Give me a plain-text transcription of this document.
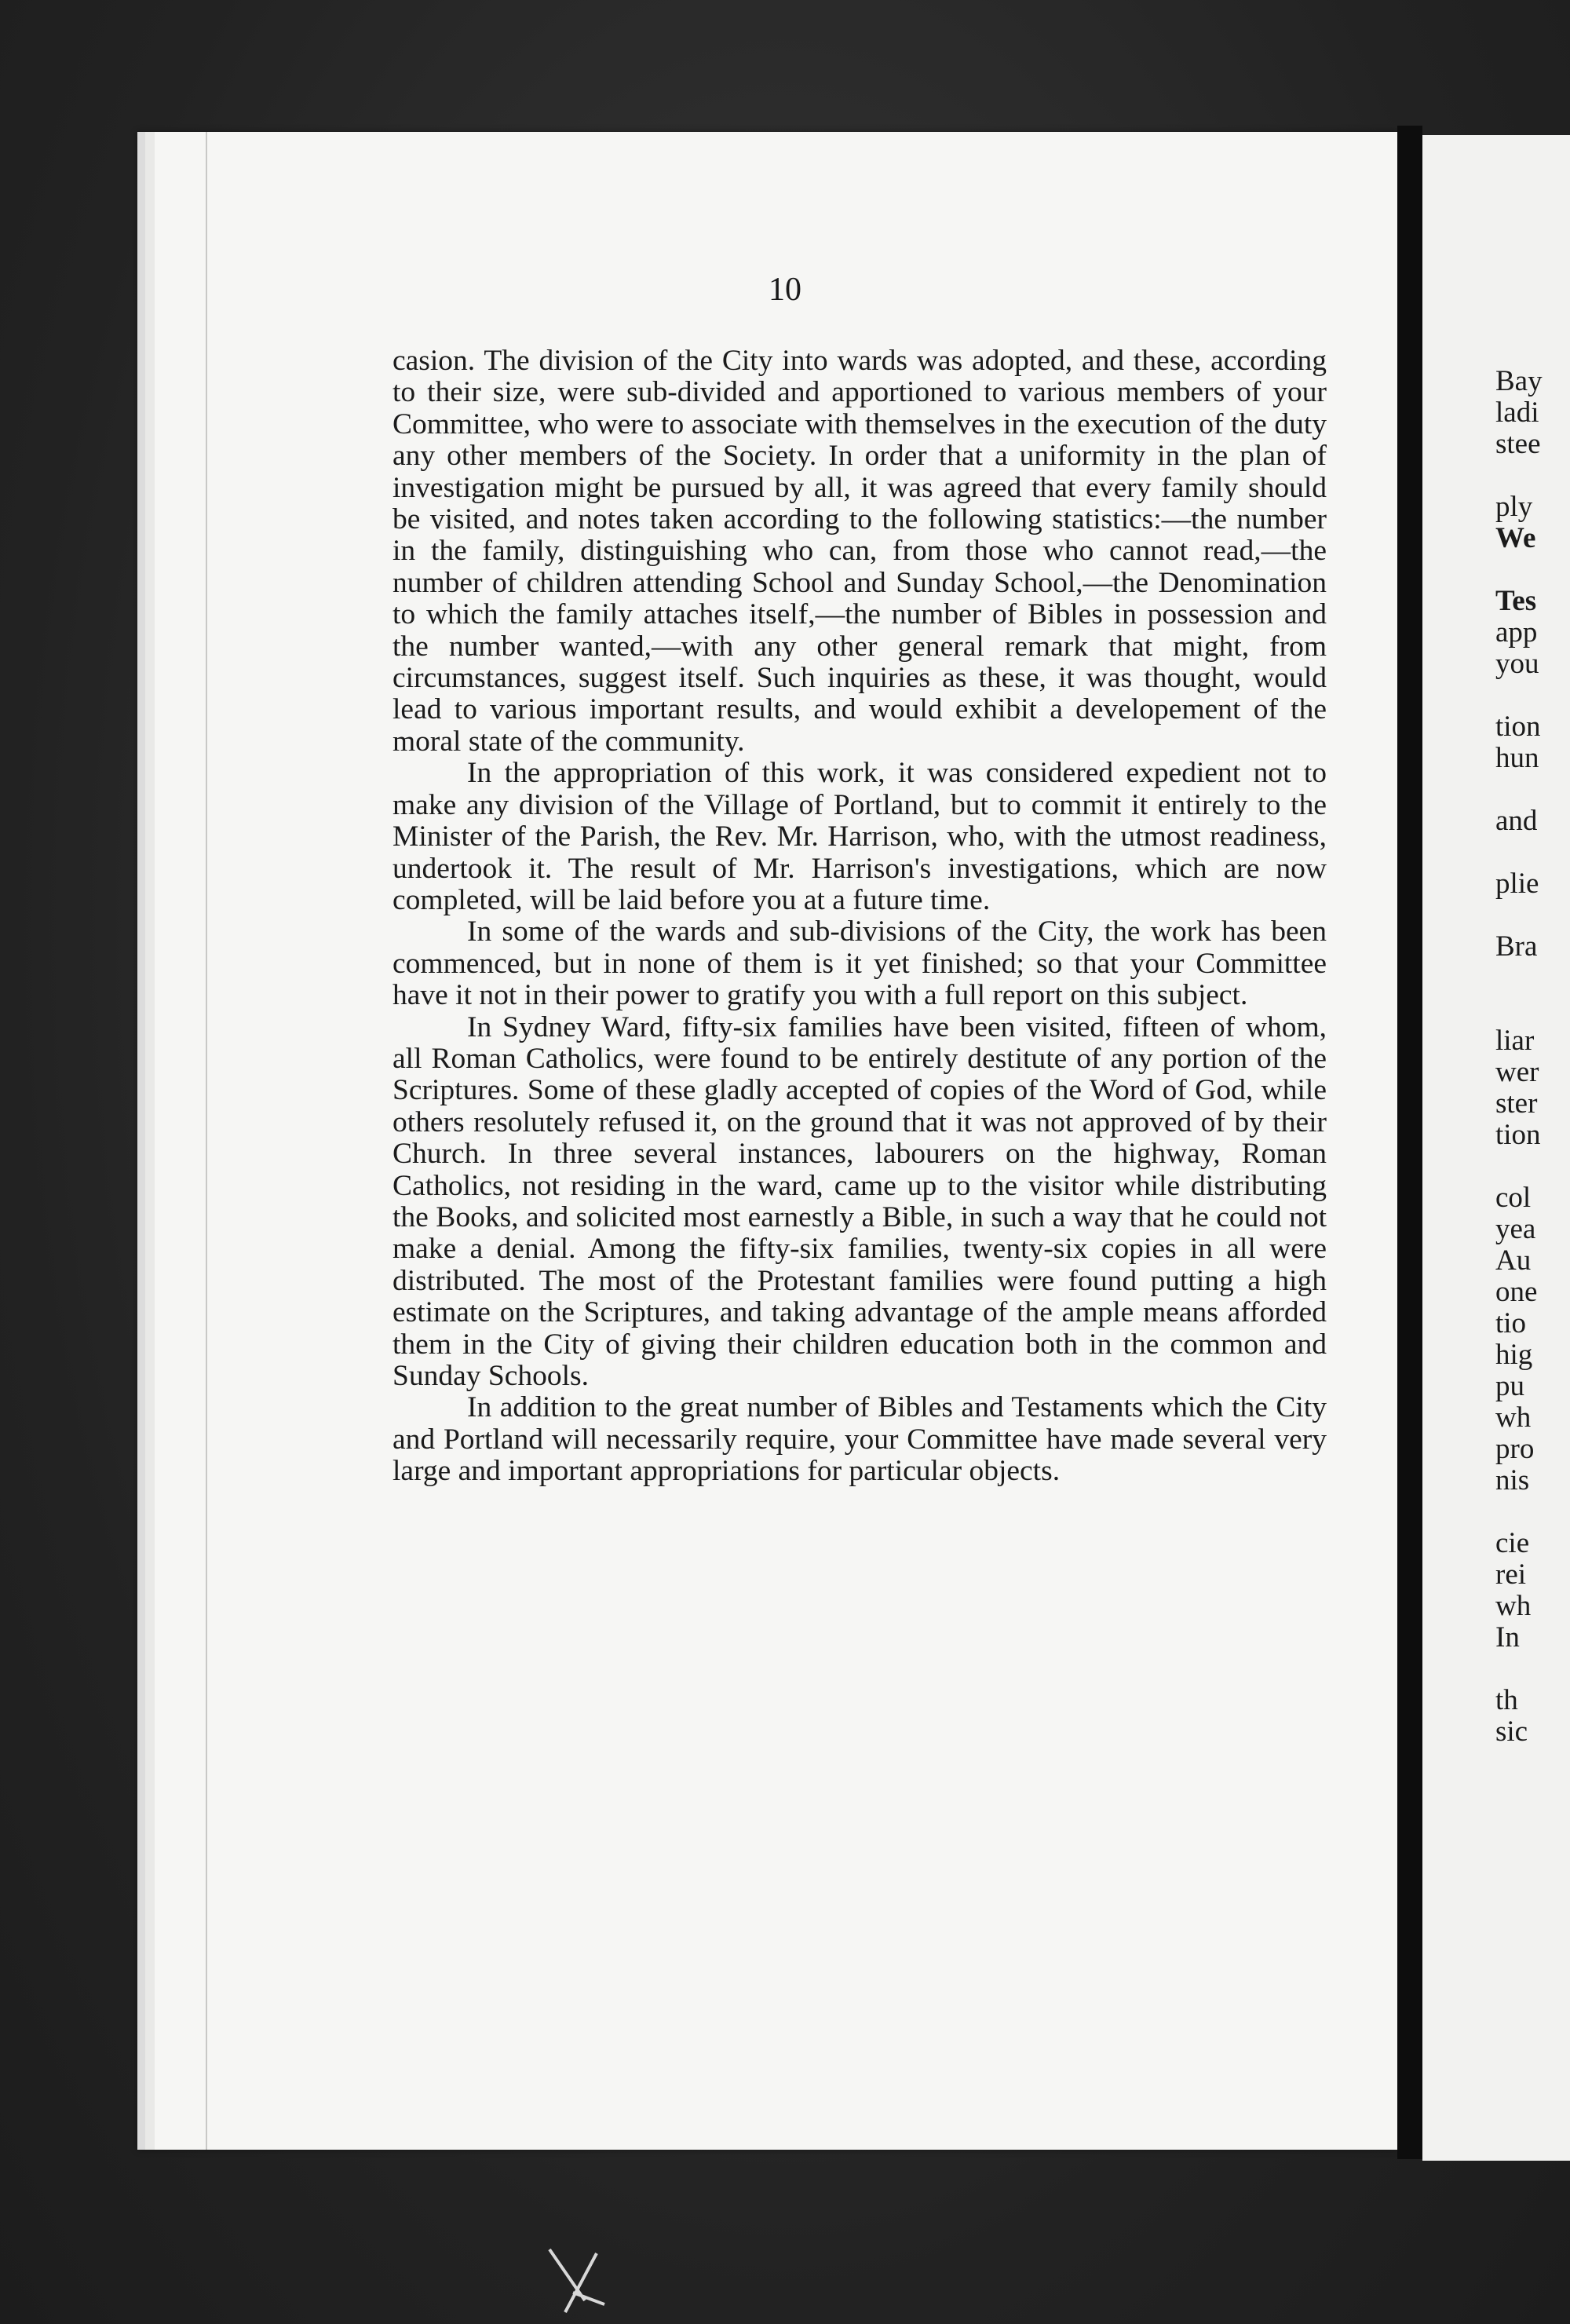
10

casion. The division of the City into wards was adopted, and these, according to their size, were sub-divided and apportioned to various members of your Committee, who were to associate with themselves in the execution of the duty any other members of the Society. In order that a uniformity in the plan of investigation might be pursued by all, it was agreed that every family should be visited, and notes taken according to the following statistics:—the number in the family, distinguishing who can, from those who cannot read,—the number of children attending School and Sunday School,—the Denomination to which the family attaches itself,—the number of Bibles in possession and the number wanted,—with any other general remark that might, from circumstances, suggest itself. Such inquiries as these, it was thought, would lead to various important results, and would exhibit a developement of the moral state of the community.

In the appropriation of this work, it was considered expedient not to make any division of the Village of Portland, but to commit it entirely to the Minister of the Parish, the Rev. Mr. Harrison, who, with the utmost readiness, undertook it. The result of Mr. Harrison's investigations, which are now completed, will be laid before you at a future time.

In some of the wards and sub-divisions of the City, the work has been commenced, but in none of them is it yet finished; so that your Committee have it not in their power to gratify you with a full report on this subject.

In Sydney Ward, fifty-six families have been visited, fifteen of whom, all Roman Catholics, were found to be entirely destitute of any portion of the Scriptures. Some of these gladly accepted of copies of the Word of God, while others resolutely refused it, on the ground that it was not approved of by their Church. In three several instances, labourers on the highway, Roman Catholics, not residing in the ward, came up to the visitor while distributing the Books, and solicited most earnestly a Bible, in such a way that he could not make a denial. Among the fifty-six families, twenty-six copies in all were distributed. The most of the Protestant families were found putting a high estimate on the Scriptures, and taking advantage of the ample means afforded them in the City of giving their children education both in the common and Sunday Schools.

In addition to the great number of Bibles and Testaments which the City and Portland will necessarily require, your Committee have made several very large and important appropriations for particular objects.

Bay
ladi
stee
ply
We
Tes
app
you
tion
hun
and
plie
Bra
liar
wer
ster
tion
col
yea
Au
one
tio
hig
pu
wh
pro
nis
cie
rei
wh
In
th
sic
